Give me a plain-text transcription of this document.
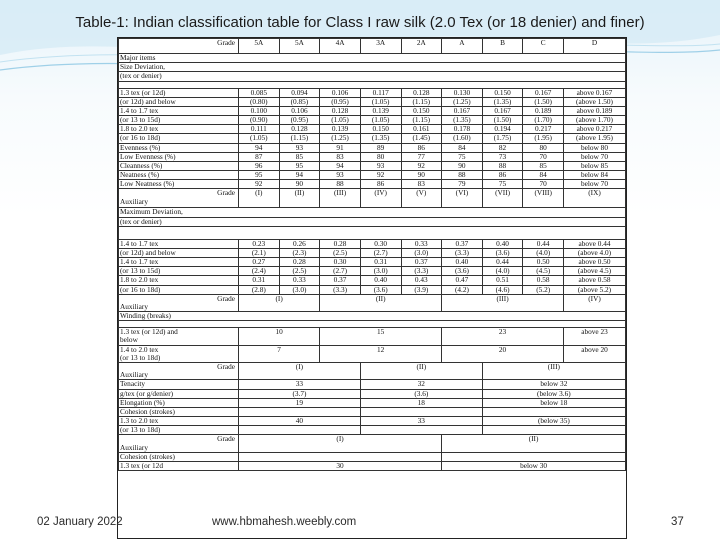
Table-1: Indian classification table for Class I raw silk (2.0 Tex (or 18 denier) and finer)
Grade	5A	5A	4A	3A	2A	A	B	C	D
Major items									
Size Deviation,									
(tex or denier)									

1.3 tex (or 12d)	0.085	0.094	0.106	0.117	0.128	0.130	0.150	0.167	above 0.167
(or 12d) and below	(0.80)	(0.85)	(0.95)	(1.05)	(1.15)	(1.25)	(1.35)	(1.50)	(above 1.50)
1.4 to 1.7 tex	0.100	0.106	0.128	0.139	0.150	0.167	0.167	0.189	above 0.189
(or 13 to 15d)	(0.90)	(0.95)	(1.05)	(1.05)	(1.15)	(1.35)	(1.50)	(1.70)	(above 1.70)
1.8 to 2.0 tex	0.111	0.128	0.139	0.150	0.161	0.178	0.194	0.217	above 0.217
(or 16 to 18d)	(1.05)	(1.15)	(1.25)	(1.35)	(1.45)	(1.60)	(1.75)	(1.95)	(above 1.95)
Evenness (%)	94	93	91	89	86	84	82	80	below 80
Low Evenness (%)	87	85	83	80	77	75	73	70	below 70
Cleanness (%)	96	95	94	93	92	90	88	85	below 85
Neatness (%)	95	94	93	92	90	88	86	84	below 84
Low Neatness (%)	92	90	88	86	83	79	75	70	below 70

Grade
Auxiliary	(I)	(II)	(III)	(IV)	(V)	(VI)	(VII)	(VIII)	(IX)
Maximum Deviation,									
(tex or denier)									

1.4 to 1.7 tex	0.23	0.26	0.28	0.30	0.33	0.37	0.40	0.44	above 0.44
(or 12d) and below	(2.1)	(2.3)	(2.5)	(2.7)	(3.0)	(3.3)	(3.6)	(4.0)	(above 4.0)
1.4 to 1.7 tex	0.27	0.28	0.30	0.31	0.37	0.40	0.44	0.50	above 0.50
(or 13 to 15d)	(2.4)	(2.5)	(2.7)	(3.0)	(3.3)	(3.6)	(4.0)	(4.5)	(above 4.5)
1.8 to 2.0 tex	0.31	0.33	0.37	0.40	0.43	0.47	0.51	0.58	above 0.58
(or 16 to 18d)	(2.8)	(3.0)	(3.3)	(3.6)	(3.9)	(4.2)	(4.6)	(5.2)	(above 5.2)

Grade
Auxiliary	(I)		(II)			(III)			(IV)
Winding (breaks)									

1.3 tex (or 12d) and
below	10		15			23			above 23
1.4 to 2.0 tex
(or 13 to 18d)	7		12			20			above 20

Grade
Auxiliary	(I)			(II)			(III)		
Tenacity	33			32			below 32		
g/tex (or g/denier)	(3.7)			(3.6)			(below 3.6)		
Elongation (%)	19			18			below 18		
Cohesion (strokes)									
1.3 to 2.0 tex	40			33			(below 35)		
(or 13 to 18d)									

Grade
Auxiliary	(I)					(II)			
Cohesion (strokes)									
1.3 tex (or 12d	30					below 30			
02 January 2022	www.hbmahesh.weebly.com	37
